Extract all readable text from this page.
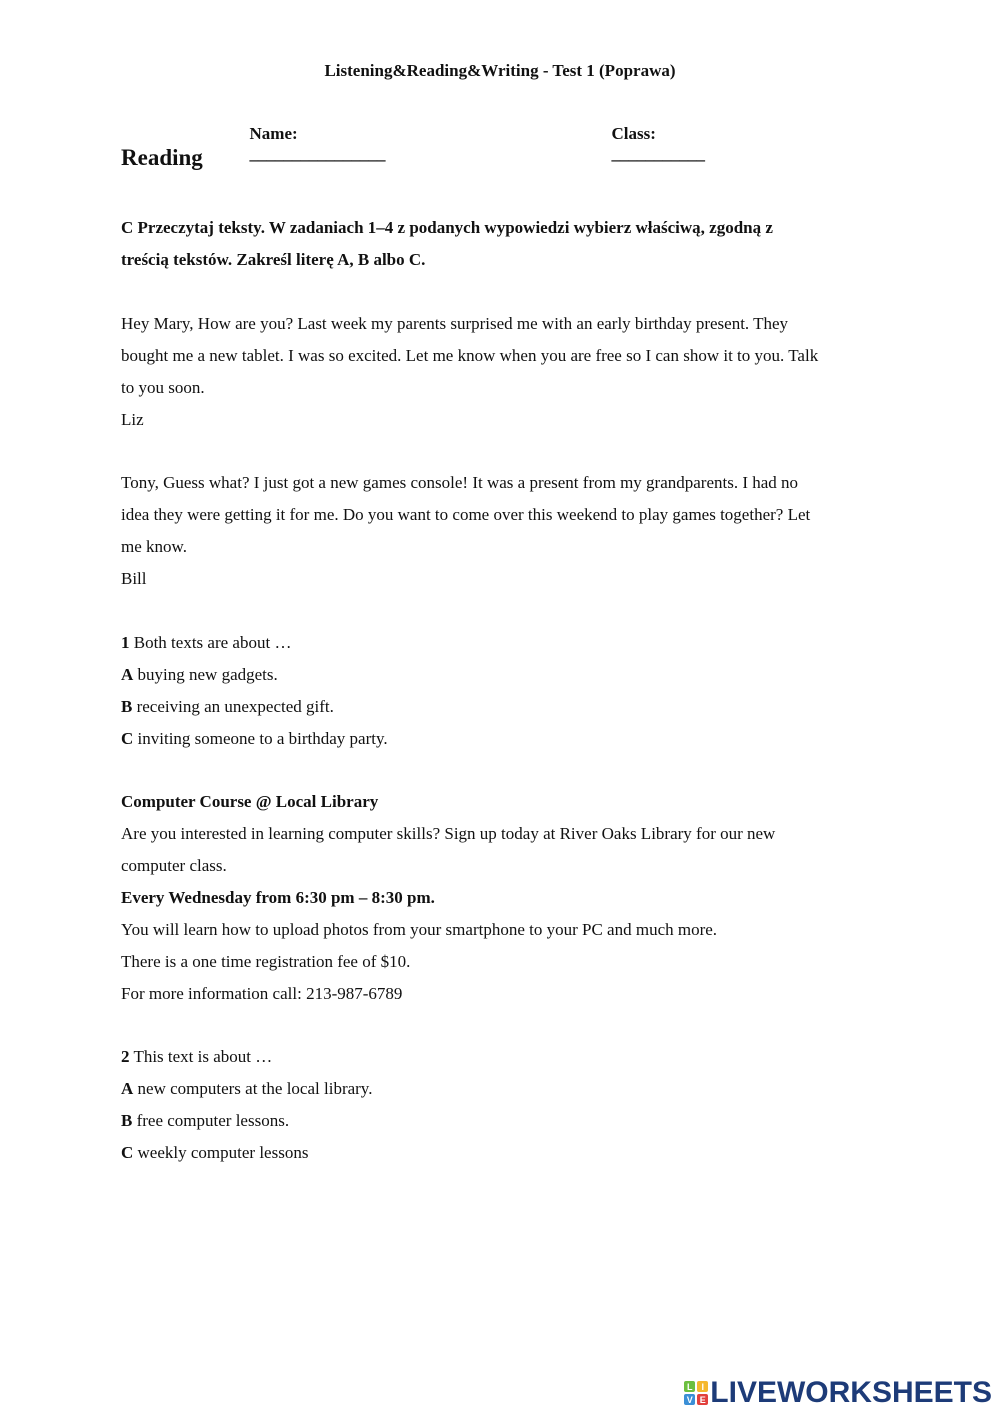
Listening&Reading&Writing - Test 1 (Poprawa)

Name:
________________

Class:
___________

Reading
C Przeczytaj teksty. W zadaniach 1–4 z podanych wypowiedzi wybierz właściwą, zgodną z
treścią tekstów. Zakreśl literę A, B albo C.
Hey Mary, How are you? Last week my parents surprised me with an early birthday present. They
bought me a new tablet. I was so excited. Let me know when you are free so I can show it to you. Talk
to you soon.
Liz
Tony, Guess what? I just got a new games console! It was a present from my grandparents. I had no
idea they were getting it for me. Do you want to come over this weekend to play games together? Let
me know.
Bill
1 Both texts are about …
A buying new gadgets.
B receiving an unexpected gift.
C inviting someone to a birthday party.
Computer Course @ Local Library
Are you interested in learning computer skills? Sign up today at River Oaks Library for our new
computer class.
Every Wednesday from 6:30 pm – 8:30 pm.
You will learn how to upload photos from your smartphone to your PC and much more.
There is a one time registration fee of $10.
For more information call: 213-987-6789
2 This text is about …
A new computers at the local library.
B free computer lessons.
C weekly computer lessons
L I
V E LIVEWORKSHEETS
